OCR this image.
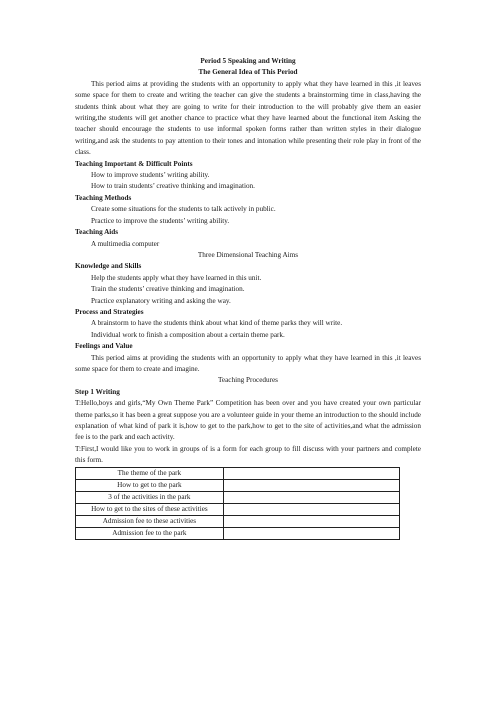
Period 5 Speaking and Writing
The General Idea of This Period
This period aims at providing the students with an opportunity to apply what they have learned in this ,it leaves some space for them to create and writing the teacher can give the students a brainstorming time in class,having the students think about what they are going to write for their introduction to the will probably give them an easier writing,the students will get another chance to practice what they have learned about the functional item Asking the teacher should encourage the students to use informal spoken forms rather than written styles in their dialogue writing,and ask the students to pay attention to their tones and intonation while presenting their role play in front of the class.
Teaching Important & Difficult Points
How to improve students’ writing ability.
How to train students’ creative thinking and imagination.
Teaching Methods
Create some situations for the students to talk actively in public.
Practice to improve the students’ writing ability.
Teaching Aids
A multimedia computer
Three Dimensional Teaching Aims
Knowledge and Skills
Help the students apply what they have learned in this unit.
Train the students’ creative thinking and imagination.
Practice explanatory writing and asking the way.
Process and Strategies
A brainstorm to have the students think about what kind of theme parks they will write.
Individual work to finish a composition about a certain theme park.
Feelings and Value
This period aims at providing the students with an opportunity to apply what they have learned in this ,it leaves some space for them to create and imagine.
Teaching Procedures
Step 1 Writing
T:Hello,boys and girls,“My Own Theme Park” Competition has been over and you have created your own particular theme parks,so it has been a great suppose you are a volunteer guide in your theme an introduction to the should include explanation of what kind of park it is,how to get to the park,how to get to the site of activities,and what the admission fee is to the park and each activity.
T:First,I would like you to work in groups of is a form for each group to fill discuss with your partners and complete this form.
The theme of the park	
How to get to the park	
3 of the activities in the park	
How to get to the sites of these activities	
Admission fee to these activities	
Admission fee to the park	
